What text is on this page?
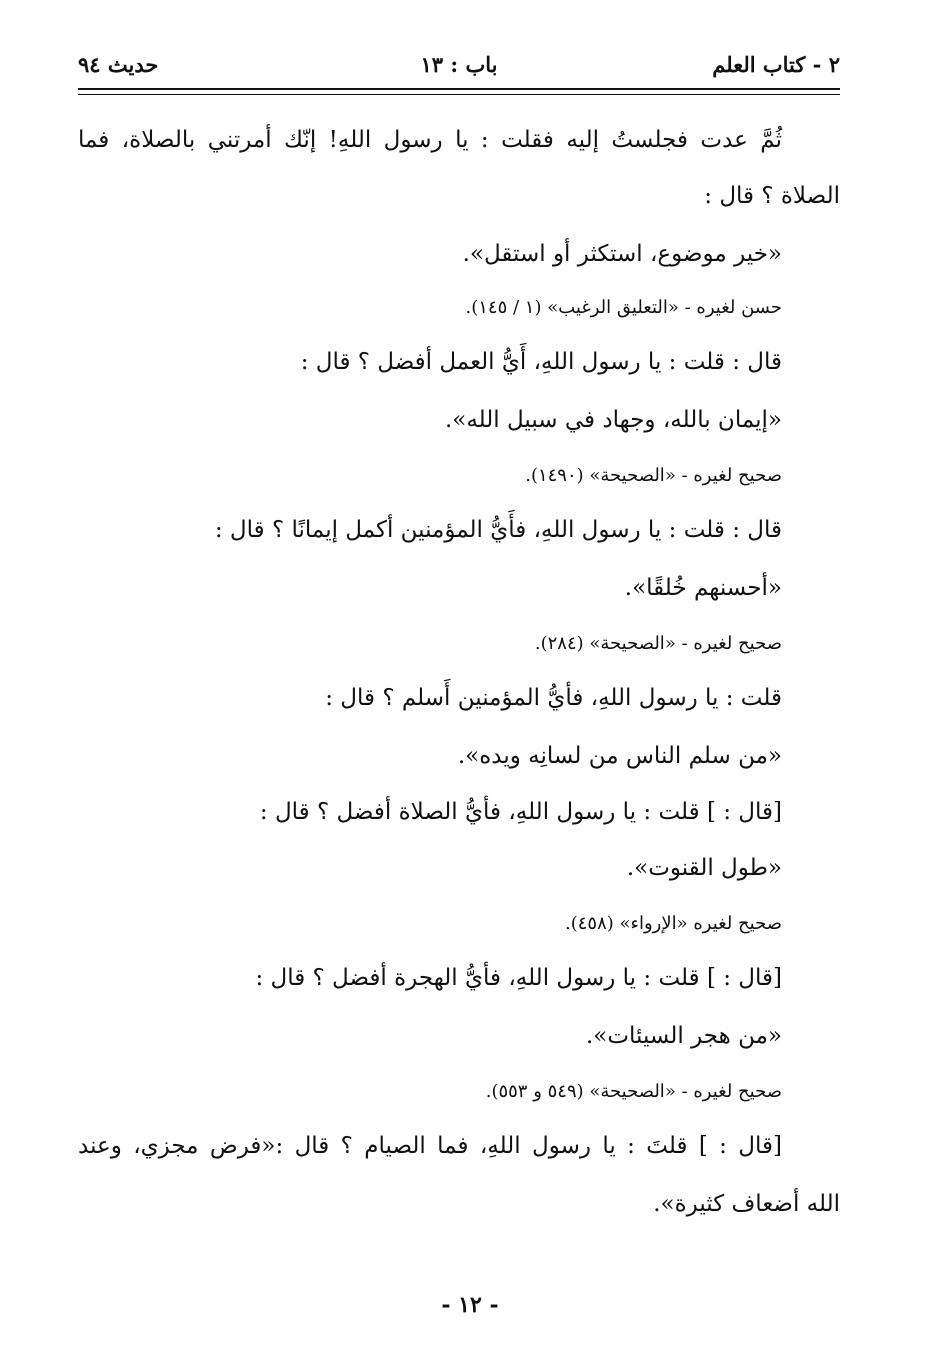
٢ - كتاب العلم
باب : ١٣
حديث ٩٤
ثُمَّ عدت فجلستُ إليه فقلت : يا رسول اللهِ! إنّك أمرتني بالصلاة، فما
الصلاة ؟ قال :
«خير موضوع، استكثر أو استقل».
حسن لغيره - «التعليق الرغيب» (١ / ١٤٥).
قال : قلت : يا رسول اللهِ، أَيُّ العمل أفضل ؟ قال :
«إيمان بالله، وجهاد في سبيل الله».
صحيح لغيره - «الصحيحة» (١٤٩٠).
قال : قلت : يا رسول اللهِ، فأَيُّ المؤمنين أكمل إيمانًا ؟ قال :
«أحسنهم خُلقًا».
صحيح لغيره - «الصحيحة» (٢٨٤).
قلت : يا رسول اللهِ، فأيُّ المؤمنين أَسلم ؟ قال :
«من سلم الناس من لسانِه ويده».
[قال : ] قلت : يا رسول اللهِ، فأيُّ الصلاة أفضل ؟ قال :
«طول القنوت».
صحيح لغيره «الإرواء» (٤٥٨).
[قال : ] قلت : يا رسول اللهِ، فأيُّ الهجرة أفضل ؟ قال :
«من هجر السيئات».
صحيح لغيره - «الصحيحة» (٥٤٩ و ٥٥٣).
[قال : ] قلتَ : يا رسول اللهِ، فما الصيام ؟ قال :«فرض مجزي، وعند
الله أضعاف كثيرة».
- ١٢ -
